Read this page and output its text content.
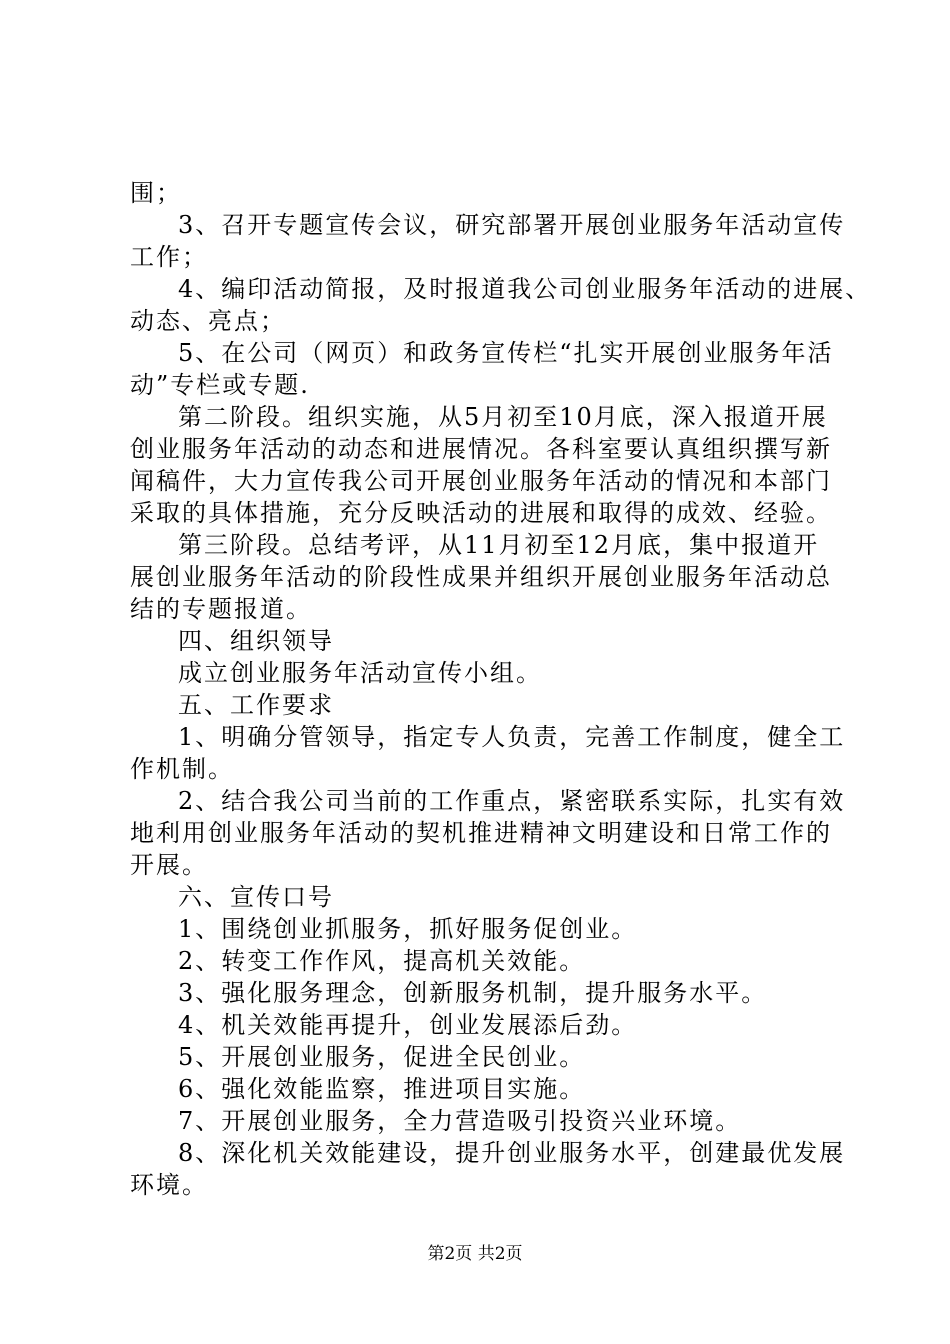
围；
3、召开专题宣传会议，研究部署开展创业服务年活动宣传
工作；
4、编印活动简报，及时报道我公司创业服务年活动的进展、
动态、亮点；
5、在公司（网页）和政务宣传栏“扎实开展创业服务年活
动”专栏或专题.
第二阶段。组织实施，从5月初至10月底，深入报道开展
创业服务年活动的动态和进展情况。各科室要认真组织撰写新
闻稿件，大力宣传我公司开展创业服务年活动的情况和本部门
采取的具体措施，充分反映活动的进展和取得的成效、经验。
第三阶段。总结考评，从11月初至12月底，集中报道开
展创业服务年活动的阶段性成果并组织开展创业服务年活动总
结的专题报道。
四、组织领导
成立创业服务年活动宣传小组。
五、工作要求
1、明确分管领导，指定专人负责，完善工作制度，健全工
作机制。
2、结合我公司当前的工作重点，紧密联系实际，扎实有效
地利用创业服务年活动的契机推进精神文明建设和日常工作的
开展。
六、宣传口号
1、围绕创业抓服务，抓好服务促创业。
2、转变工作作风，提高机关效能。
3、强化服务理念，创新服务机制，提升服务水平。
4、机关效能再提升，创业发展添后劲。
5、开展创业服务，促进全民创业。
6、强化效能监察，推进项目实施。
7、开展创业服务，全力营造吸引投资兴业环境。
8、深化机关效能建设，提升创业服务水平，创建最优发展
环境。
第2页 共2页
